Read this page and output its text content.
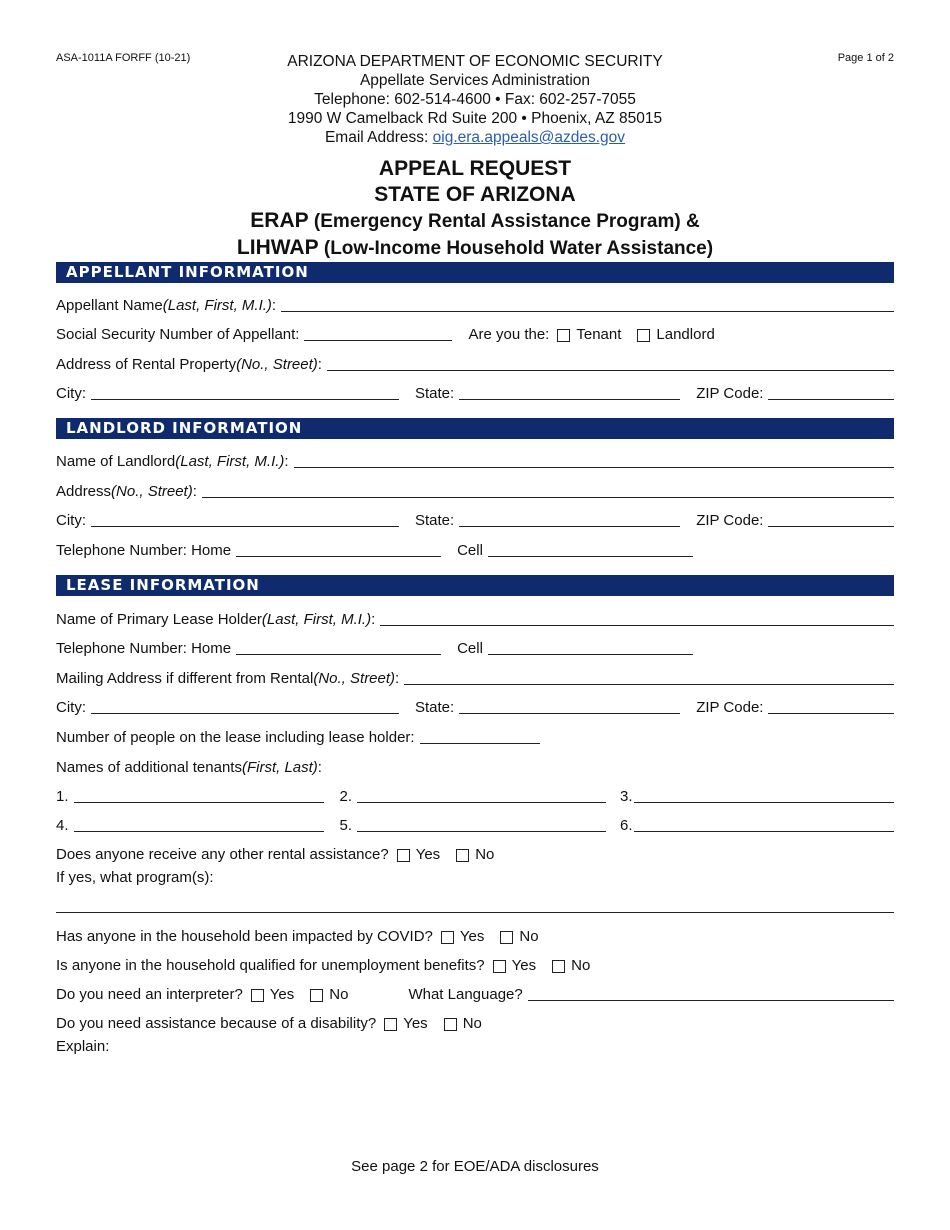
ASA-1011A FORFF (10-21)	Page 1 of 2
ARIZONA DEPARTMENT OF ECONOMIC SECURITY
Appellate Services Administration
Telephone: 602-514-4600 • Fax: 602-257-7055
1990 W Camelback Rd Suite 200 • Phoenix, AZ 85015
Email Address: oig.era.appeals@azdes.gov
APPEAL REQUEST
STATE OF ARIZONA
ERAP (Emergency Rental Assistance Program) &
LIHWAP (Low-Income Household Water Assistance)
APPELLANT INFORMATION
Appellant Name (Last, First, M.I.) :
Social Security Number of Appellant:	Are you the: Tenant Landlord
Address of Rental Property (No., Street) :
City:	State:	ZIP Code:
LANDLORD INFORMATION
Name of Landlord (Last, First, M.I.) :
Address (No., Street) :
City:	State:	ZIP Code:
Telephone Number: Home	Cell
LEASE INFORMATION
Name of Primary Lease Holder (Last, First, M.I.) :
Telephone Number: Home	Cell
Mailing Address if different from Rental (No., Street) :
City:	State:	ZIP Code:
Number of people on the lease including lease holder:
Names of additional tenants (First, Last) :
1.	2.	3.
4.	5.	6.
Does anyone receive any other rental assistance? Yes No
If yes, what program(s):
Has anyone in the household been impacted by COVID? Yes No
Is anyone in the household qualified for unemployment benefits? Yes No
Do you need an interpreter? Yes No	What Language?
Do you need assistance because of a disability? Yes No
Explain:
See page 2 for EOE/ADA disclosures
